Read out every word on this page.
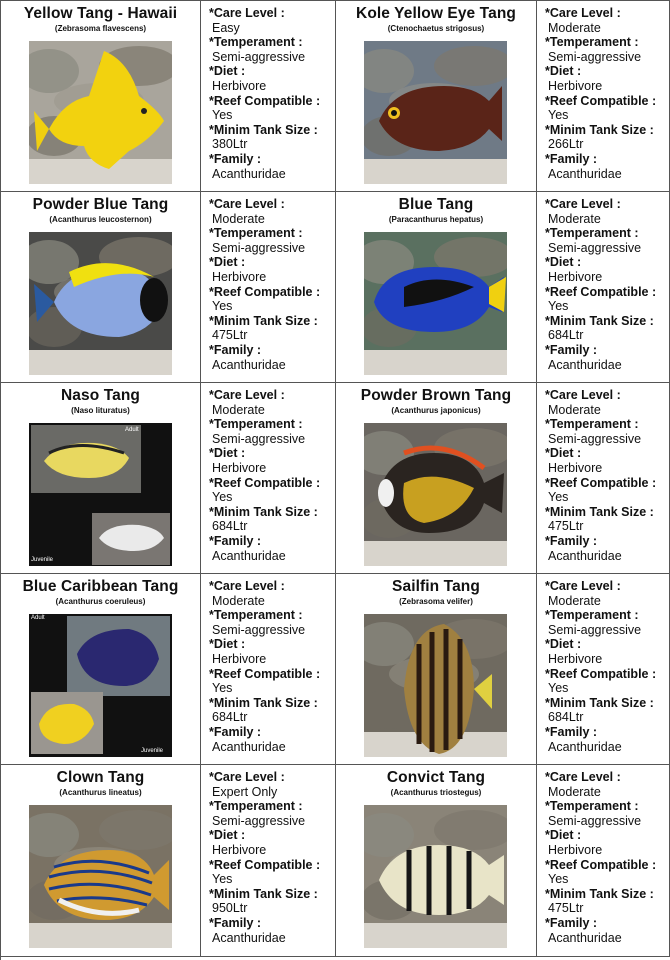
Yellow Tang - Hawaii
(Zebrasoma flavescens)
*Care Level :
Easy
*Temperament :
Semi-aggressive
*Diet :
Herbivore
*Reef Compatible :
Yes
*Minim Tank Size :
380Ltr
*Family :
Acanthuridae
Kole Yellow Eye Tang
(Ctenochaetus strigosus)
*Care Level :
Moderate
*Temperament :
Semi-aggressive
*Diet :
Herbivore
*Reef Compatible :
Yes
*Minim Tank Size :
266Ltr
*Family :
Acanthuridae
Powder Blue Tang
(Acanthurus leucosternon)
*Care Level :
Moderate
*Temperament :
Semi-aggressive
*Diet :
Herbivore
*Reef Compatible :
Yes
*Minim Tank Size :
475Ltr
*Family :
Acanthuridae
Blue Tang
(Paracanthurus hepatus)
*Care Level :
Moderate
*Temperament :
Semi-aggressive
*Diet :
Herbivore
*Reef Compatible :
Yes
*Minim Tank Size :
684Ltr
*Family :
Acanthuridae
Naso Tang
(Naso lituratus)
Adult
Juvenile
*Care Level :
Moderate
*Temperament :
Semi-aggressive
*Diet :
Herbivore
*Reef Compatible :
Yes
*Minim Tank Size :
684Ltr
*Family :
Acanthuridae
Powder Brown Tang
(Acanthurus japonicus)
*Care Level :
Moderate
*Temperament :
Semi-aggressive
*Diet :
Herbivore
*Reef Compatible :
Yes
*Minim Tank Size :
475Ltr
*Family :
Acanthuridae
Blue Caribbean Tang
(Acanthurus coeruleus)
Adult
Juvenile
*Care Level :
Moderate
*Temperament :
Semi-aggressive
*Diet :
Herbivore
*Reef Compatible :
Yes
*Minim Tank Size :
684Ltr
*Family :
Acanthuridae
Sailfin Tang
(Zebrasoma velifer)
*Care Level :
Moderate
*Temperament :
Semi-aggressive
*Diet :
Herbivore
*Reef Compatible :
Yes
*Minim Tank Size :
684Ltr
*Family :
Acanthuridae
Clown Tang
(Acanthurus lineatus)
*Care Level :
Expert Only
*Temperament :
Semi-aggressive
*Diet :
Herbivore
*Reef Compatible :
Yes
*Minim Tank Size :
950Ltr
*Family :
Acanthuridae
Convict Tang
(Acanthurus triostegus)
*Care Level :
Moderate
*Temperament :
Semi-aggressive
*Diet :
Herbivore
*Reef Compatible :
Yes
*Minim Tank Size :
475Ltr
*Family :
Acanthuridae
